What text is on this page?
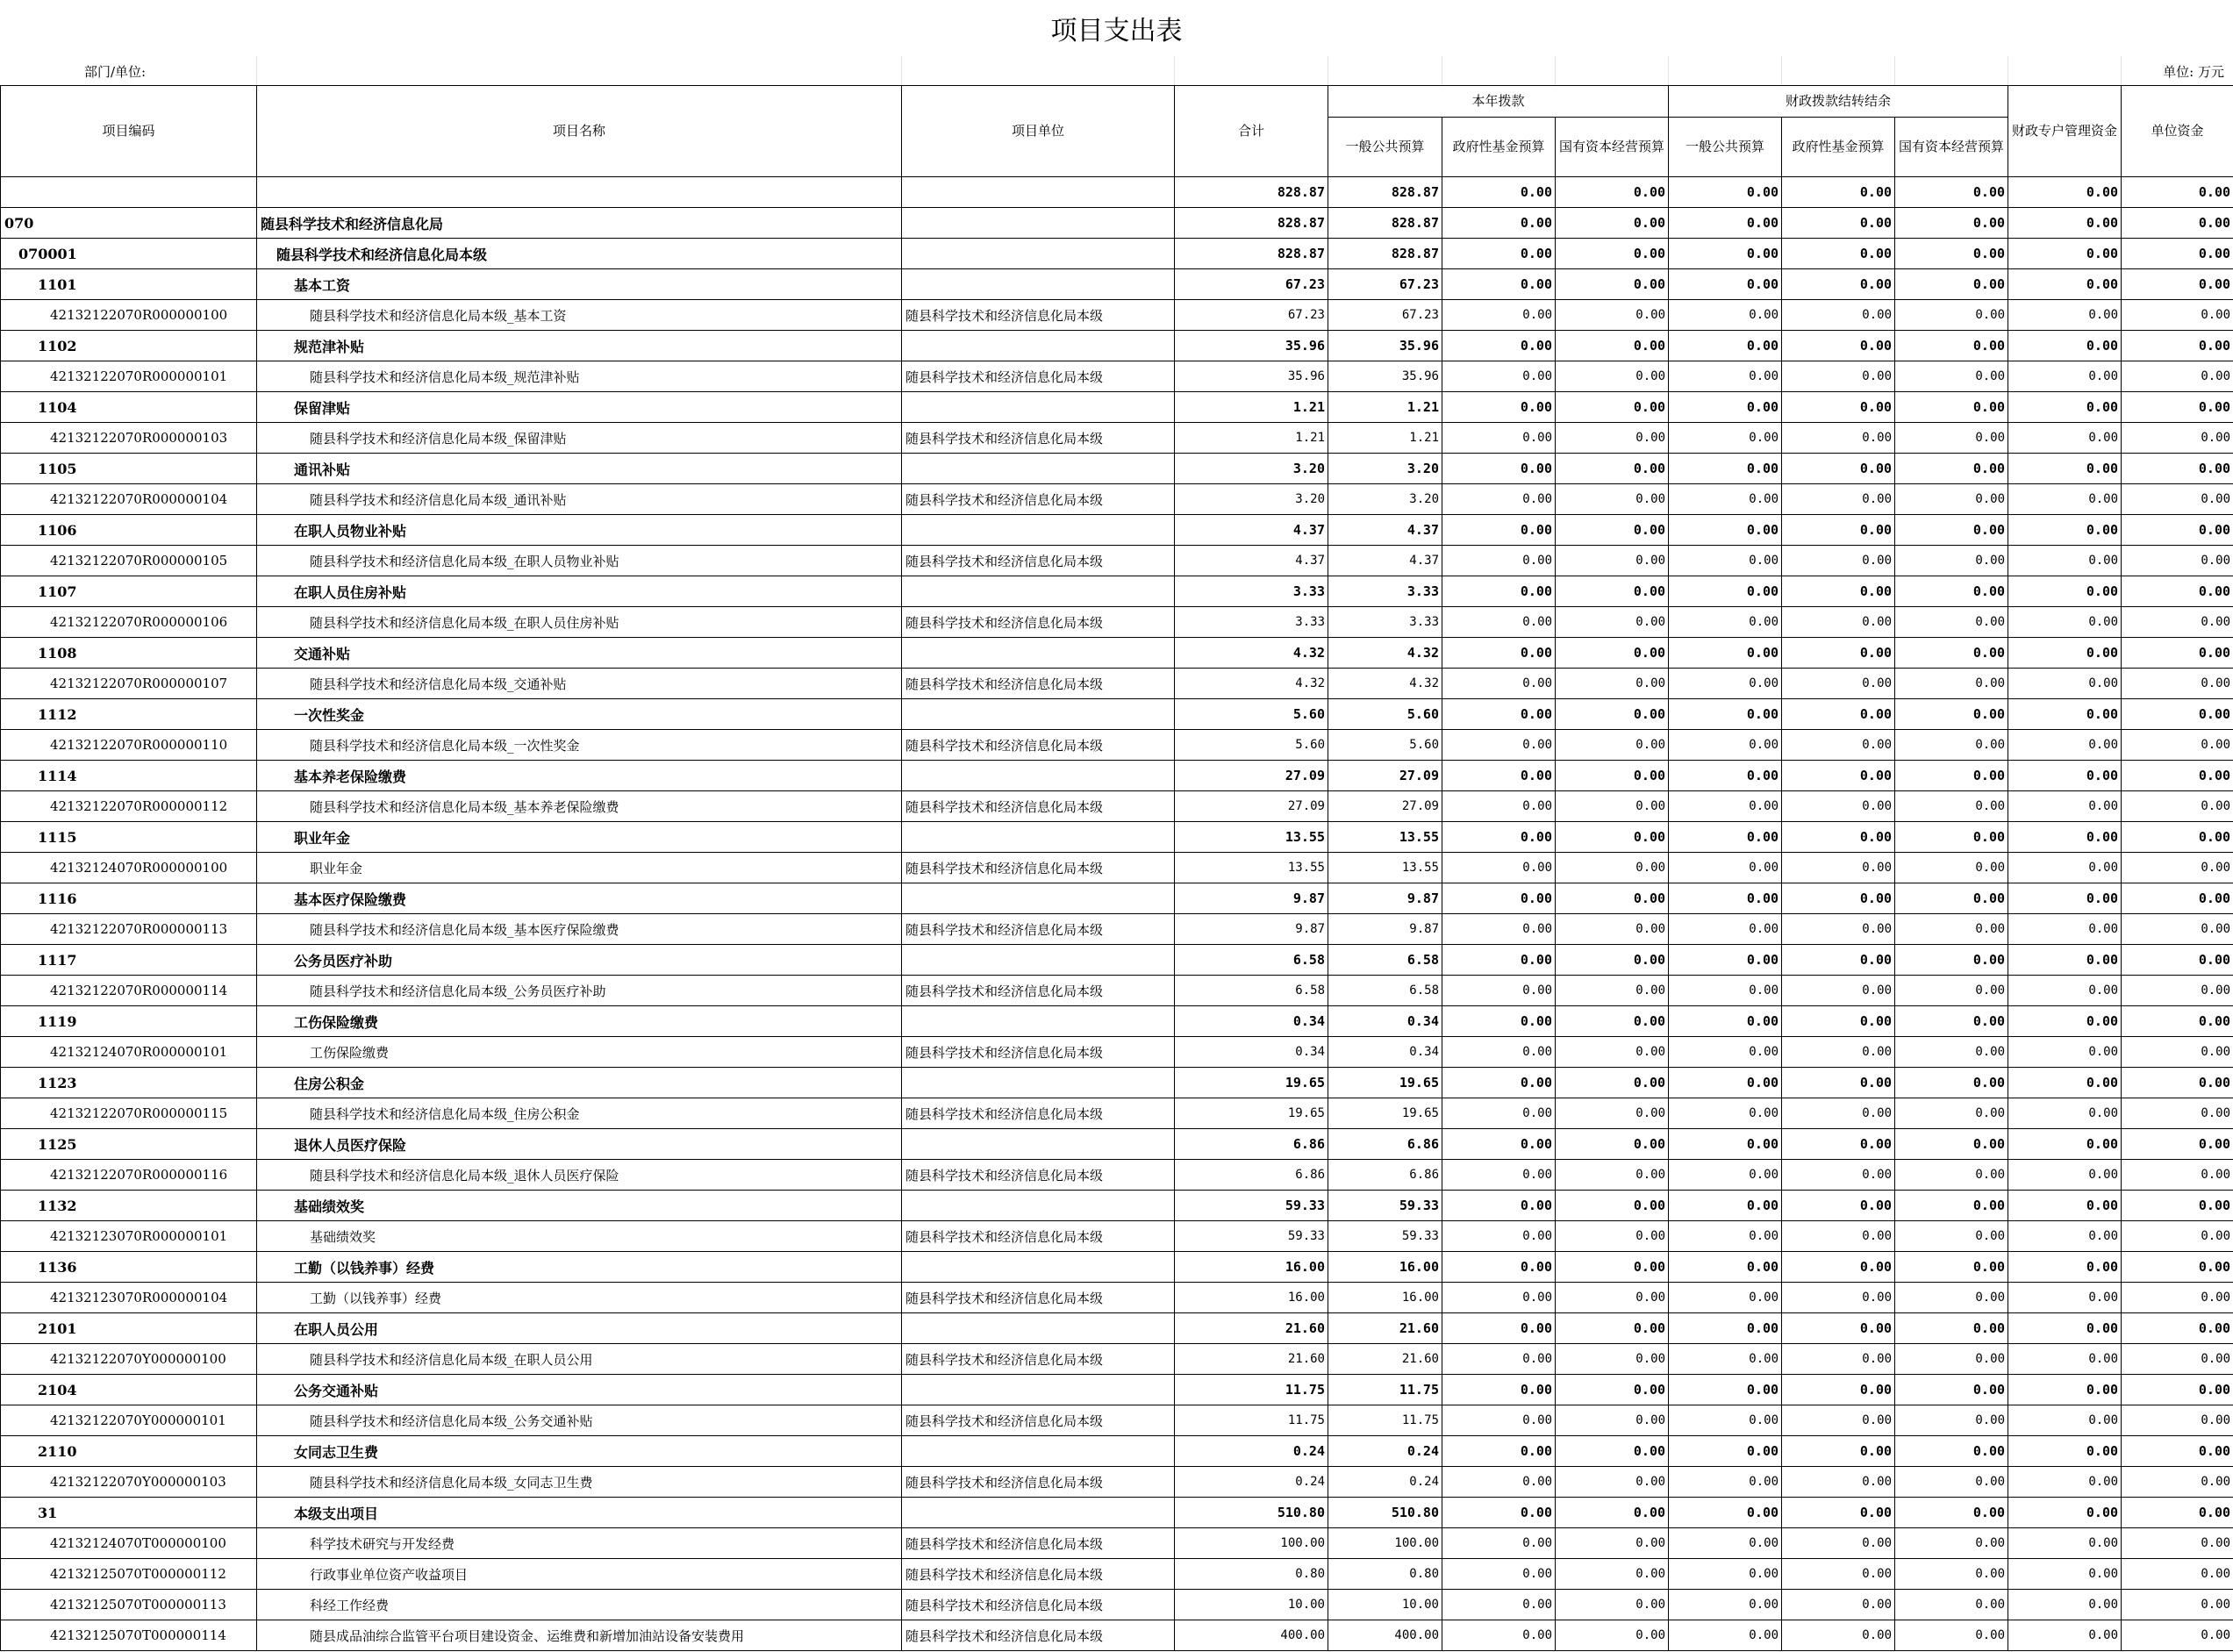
项目支出表
部门/单位:	单位: 万元
项目编码	项目名称	项目单位	合计	本年拨款			财政拨款结转结余			财政专户管理资金	单位资金
				一般公共预算	政府性基金预算	国有资本经营预算	一般公共预算	政府性基金预算	国有资本经营预算		
			828.87	828.87	0.00	0.00	0.00	0.00	0.00	0.00	0.00
070	随县科学技术和经济信息化局		828.87	828.87	0.00	0.00	0.00	0.00	0.00	0.00	0.00
070001	随县科学技术和经济信息化局本级		828.87	828.87	0.00	0.00	0.00	0.00	0.00	0.00	0.00
1101	基本工资		67.23	67.23	0.00	0.00	0.00	0.00	0.00	0.00	0.00
42132122070R000000100	随县科学技术和经济信息化局本级_基本工资	随县科学技术和经济信息化局本级	67.23	67.23	0.00	0.00	0.00	0.00	0.00	0.00	0.00
1102	规范津补贴		35.96	35.96	0.00	0.00	0.00	0.00	0.00	0.00	0.00
42132122070R000000101	随县科学技术和经济信息化局本级_规范津补贴	随县科学技术和经济信息化局本级	35.96	35.96	0.00	0.00	0.00	0.00	0.00	0.00	0.00
1104	保留津贴		1.21	1.21	0.00	0.00	0.00	0.00	0.00	0.00	0.00
42132122070R000000103	随县科学技术和经济信息化局本级_保留津贴	随县科学技术和经济信息化局本级	1.21	1.21	0.00	0.00	0.00	0.00	0.00	0.00	0.00
1105	通讯补贴		3.20	3.20	0.00	0.00	0.00	0.00	0.00	0.00	0.00
42132122070R000000104	随县科学技术和经济信息化局本级_通讯补贴	随县科学技术和经济信息化局本级	3.20	3.20	0.00	0.00	0.00	0.00	0.00	0.00	0.00
1106	在职人员物业补贴		4.37	4.37	0.00	0.00	0.00	0.00	0.00	0.00	0.00
42132122070R000000105	随县科学技术和经济信息化局本级_在职人员物业补贴	随县科学技术和经济信息化局本级	4.37	4.37	0.00	0.00	0.00	0.00	0.00	0.00	0.00
1107	在职人员住房补贴		3.33	3.33	0.00	0.00	0.00	0.00	0.00	0.00	0.00
42132122070R000000106	随县科学技术和经济信息化局本级_在职人员住房补贴	随县科学技术和经济信息化局本级	3.33	3.33	0.00	0.00	0.00	0.00	0.00	0.00	0.00
1108	交通补贴		4.32	4.32	0.00	0.00	0.00	0.00	0.00	0.00	0.00
42132122070R000000107	随县科学技术和经济信息化局本级_交通补贴	随县科学技术和经济信息化局本级	4.32	4.32	0.00	0.00	0.00	0.00	0.00	0.00	0.00
1112	一次性奖金		5.60	5.60	0.00	0.00	0.00	0.00	0.00	0.00	0.00
42132122070R000000110	随县科学技术和经济信息化局本级_一次性奖金	随县科学技术和经济信息化局本级	5.60	5.60	0.00	0.00	0.00	0.00	0.00	0.00	0.00
1114	基本养老保险缴费		27.09	27.09	0.00	0.00	0.00	0.00	0.00	0.00	0.00
42132122070R000000112	随县科学技术和经济信息化局本级_基本养老保险缴费	随县科学技术和经济信息化局本级	27.09	27.09	0.00	0.00	0.00	0.00	0.00	0.00	0.00
1115	职业年金		13.55	13.55	0.00	0.00	0.00	0.00	0.00	0.00	0.00
42132124070R000000100	职业年金	随县科学技术和经济信息化局本级	13.55	13.55	0.00	0.00	0.00	0.00	0.00	0.00	0.00
1116	基本医疗保险缴费		9.87	9.87	0.00	0.00	0.00	0.00	0.00	0.00	0.00
42132122070R000000113	随县科学技术和经济信息化局本级_基本医疗保险缴费	随县科学技术和经济信息化局本级	9.87	9.87	0.00	0.00	0.00	0.00	0.00	0.00	0.00
1117	公务员医疗补助		6.58	6.58	0.00	0.00	0.00	0.00	0.00	0.00	0.00
42132122070R000000114	随县科学技术和经济信息化局本级_公务员医疗补助	随县科学技术和经济信息化局本级	6.58	6.58	0.00	0.00	0.00	0.00	0.00	0.00	0.00
1119	工伤保险缴费		0.34	0.34	0.00	0.00	0.00	0.00	0.00	0.00	0.00
42132124070R000000101	工伤保险缴费	随县科学技术和经济信息化局本级	0.34	0.34	0.00	0.00	0.00	0.00	0.00	0.00	0.00
1123	住房公积金		19.65	19.65	0.00	0.00	0.00	0.00	0.00	0.00	0.00
42132122070R000000115	随县科学技术和经济信息化局本级_住房公积金	随县科学技术和经济信息化局本级	19.65	19.65	0.00	0.00	0.00	0.00	0.00	0.00	0.00
1125	退休人员医疗保险		6.86	6.86	0.00	0.00	0.00	0.00	0.00	0.00	0.00
42132122070R000000116	随县科学技术和经济信息化局本级_退休人员医疗保险	随县科学技术和经济信息化局本级	6.86	6.86	0.00	0.00	0.00	0.00	0.00	0.00	0.00
1132	基础绩效奖		59.33	59.33	0.00	0.00	0.00	0.00	0.00	0.00	0.00
42132123070R000000101	基础绩效奖	随县科学技术和经济信息化局本级	59.33	59.33	0.00	0.00	0.00	0.00	0.00	0.00	0.00
1136	工勤（以钱养事）经费		16.00	16.00	0.00	0.00	0.00	0.00	0.00	0.00	0.00
42132123070R000000104	工勤（以钱养事）经费	随县科学技术和经济信息化局本级	16.00	16.00	0.00	0.00	0.00	0.00	0.00	0.00	0.00
2101	在职人员公用		21.60	21.60	0.00	0.00	0.00	0.00	0.00	0.00	0.00
42132122070Y000000100	随县科学技术和经济信息化局本级_在职人员公用	随县科学技术和经济信息化局本级	21.60	21.60	0.00	0.00	0.00	0.00	0.00	0.00	0.00
2104	公务交通补贴		11.75	11.75	0.00	0.00	0.00	0.00	0.00	0.00	0.00
42132122070Y000000101	随县科学技术和经济信息化局本级_公务交通补贴	随县科学技术和经济信息化局本级	11.75	11.75	0.00	0.00	0.00	0.00	0.00	0.00	0.00
2110	女同志卫生费		0.24	0.24	0.00	0.00	0.00	0.00	0.00	0.00	0.00
42132122070Y000000103	随县科学技术和经济信息化局本级_女同志卫生费	随县科学技术和经济信息化局本级	0.24	0.24	0.00	0.00	0.00	0.00	0.00	0.00	0.00
31	本级支出项目		510.80	510.80	0.00	0.00	0.00	0.00	0.00	0.00	0.00
42132124070T000000100	科学技术研究与开发经费	随县科学技术和经济信息化局本级	100.00	100.00	0.00	0.00	0.00	0.00	0.00	0.00	0.00
42132125070T000000112	行政事业单位资产收益项目	随县科学技术和经济信息化局本级	0.80	0.80	0.00	0.00	0.00	0.00	0.00	0.00	0.00
42132125070T000000113	科经工作经费	随县科学技术和经济信息化局本级	10.00	10.00	0.00	0.00	0.00	0.00	0.00	0.00	0.00
42132125070T000000114	随县成品油综合监管平台项目建设资金、运维费和新增加油站设备安装费用	随县科学技术和经济信息化局本级	400.00	400.00	0.00	0.00	0.00	0.00	0.00	0.00	0.00
